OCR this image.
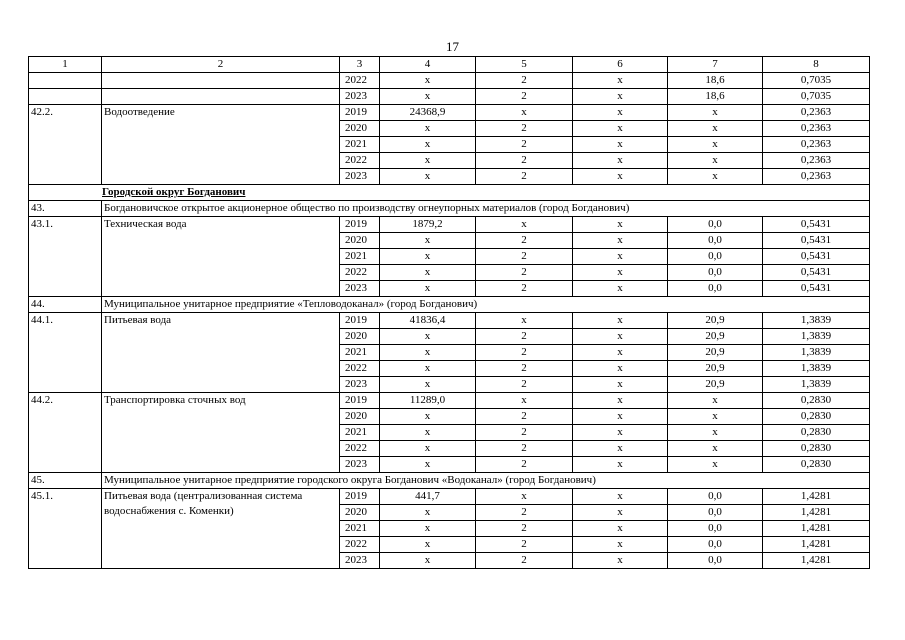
17
1	2	3	4	5	6	7	8
		2022	х	2	х	18,6	0,7035
		2023	х	2	х	18,6	0,7035
42.2.	Водоотведение	2019	24368,9	х	х	х	0,2363
		2020	х	2	х	х	0,2363
		2021	х	2	х	х	0,2363
		2022	х	2	х	х	0,2363
		2023	х	2	х	х	0,2363
Городской округ Богданович							
43.	Богдановичское открытое акционерное общество по производству огнеупорных материалов (город Богданович)						
43.1.	Техническая вода	2019	1879,2	х	х	0,0	0,5431
		2020	х	2	х	0,0	0,5431
		2021	х	2	х	0,0	0,5431
		2022	х	2	х	0,0	0,5431
		2023	х	2	х	0,0	0,5431
44.	Муниципальное унитарное предприятие «Тепловодоканал» (город Богданович)						
44.1.	Питьевая вода	2019	41836,4	х	х	20,9	1,3839
		2020	х	2	х	20,9	1,3839
		2021	х	2	х	20,9	1,3839
		2022	х	2	х	20,9	1,3839
		2023	х	2	х	20,9	1,3839
44.2.	Транспортировка сточных вод	2019	11289,0	х	х	х	0,2830
		2020	х	2	х	х	0,2830
		2021	х	2	х	х	0,2830
		2022	х	2	х	х	0,2830
		2023	х	2	х	х	0,2830
45.	Муниципальное унитарное предприятие городского округа Богданович «Водоканал» (город Богданович)						
45.1.	Питьевая вода (централизованная система водоснабжения с. Коменки)	2019	441,7	х	х	0,0	1,4281
		2020	х	2	х	0,0	1,4281
		2021	х	2	х	0,0	1,4281
		2022	х	2	х	0,0	1,4281
		2023	х	2	х	0,0	1,4281
